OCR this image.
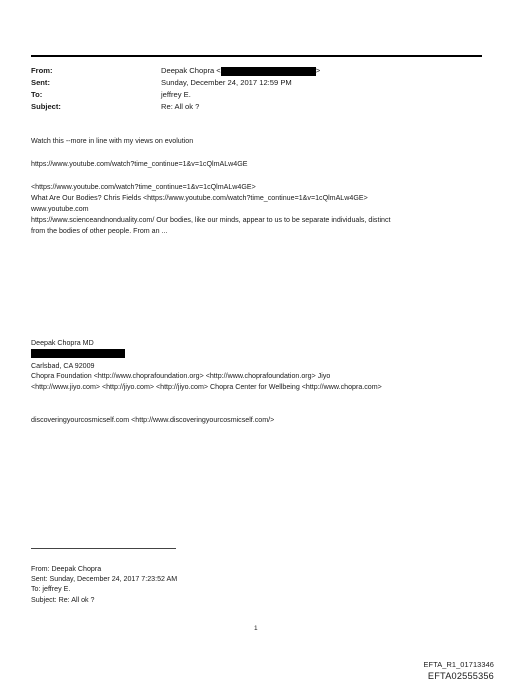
From:	Deepak Chopra <	>
Sent:	Sunday, December 24, 2017 12:59 PM
To:	jeffrey E.
Subject:	Re: All ok ?
Watch this --more in line with my views on evolution
https://www.youtube.com/watch?time_continue=1&v=1cQlmALw4GE
<https://www.youtube.com/watch?time_continue=1&v=1cQlmALw4GE>
What Are Our Bodies? Chris Fields <https://www.youtube.com/watch?time_continue=1&v=1cQlmALw4GE>
www.youtube.com
https://www.scienceandnonduality.com/ Our bodies, like our minds, appear to us to be separate individuals, distinct
from the bodies of other people. From an ...
Deepak Chopra MD
Carlsbad, CA 92009
Chopra Foundation <http://www.choprafoundation.org> <http://www.choprafoundation.org> Jiyo
<http://www.jiyo.com> <http://jiyo.com> <http://jiyo.com> Chopra Center for Wellbeing <http://www.chopra.com>
discoveringyourcosmicself.com <http://www.discoveringyourcosmicself.com/>
From: Deepak Chopra
Sent: Sunday, December 24, 2017 7:23:52 AM
To: jeffrey E.
Subject: Re: All ok ?
1
EFTA_R1_01713346
EFTA02555356
